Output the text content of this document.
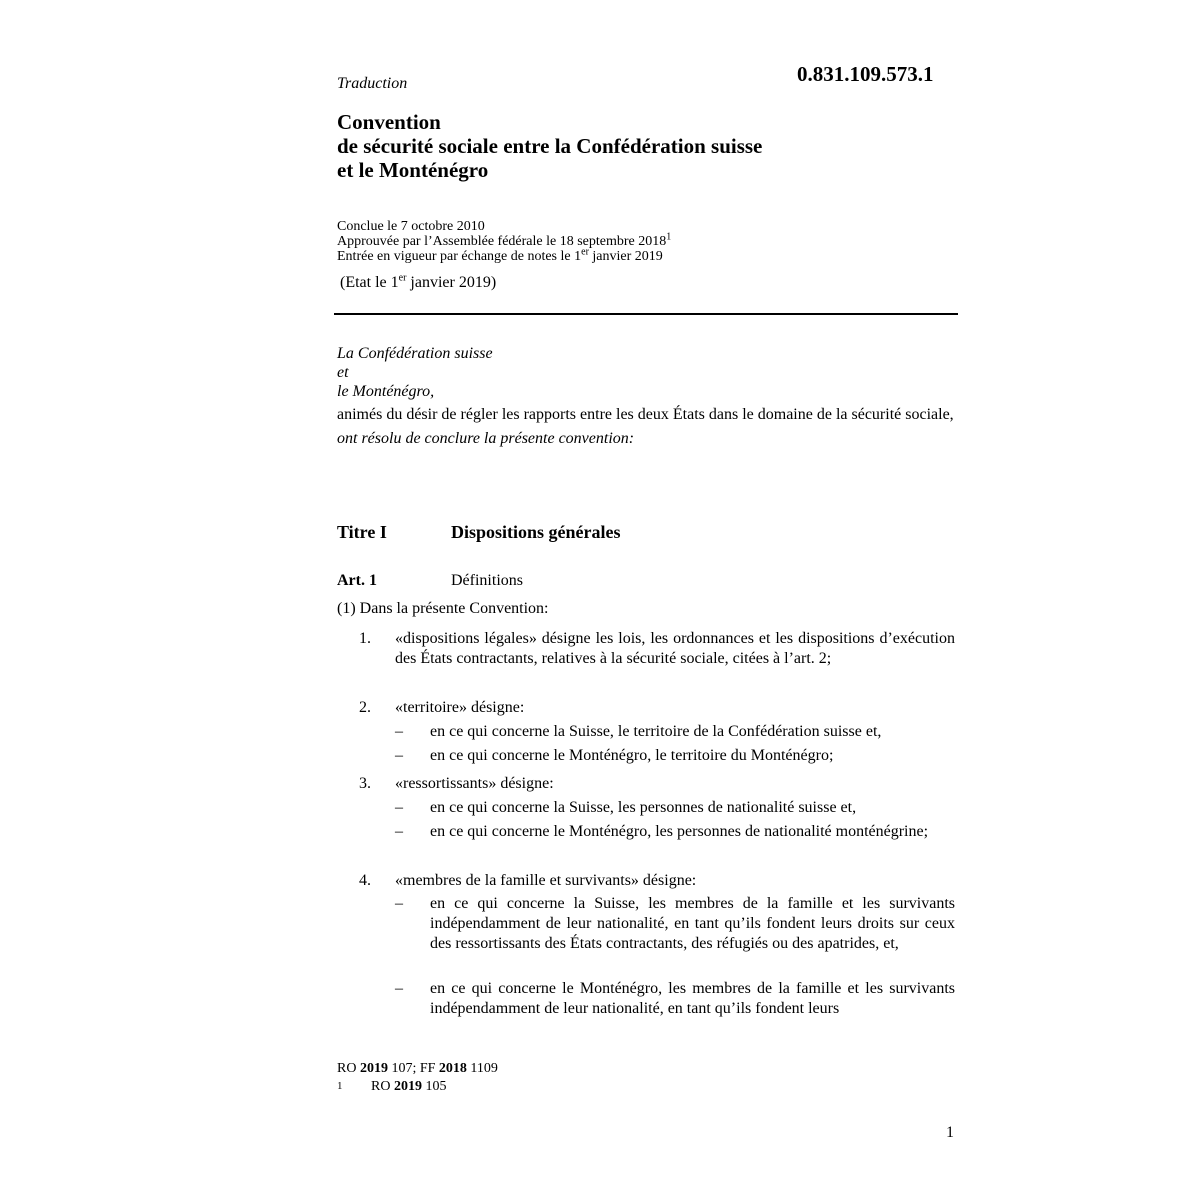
0.831.109.573.1
Traduction
Convention
de sécurité sociale entre la Confédération suisse
et le Monténégro
Conclue le 7 octobre 2010
Approuvée par l’Assemblée fédérale le 18 septembre 2018$^1$
Entrée en vigueur par échange de notes le 1er janvier 2019
(Etat le 1er janvier 2019)
La Confédération suisse
et
le Monténégro,
animés du désir de régler les rapports entre les deux États dans le domaine de la sécurité sociale,
ont résolu de conclure la présente convention:
Titre I	Dispositions générales
Art. 1	Définitions
(1) Dans la présente Convention:
1. «dispositions légales» désigne les lois, les ordonnances et les dispositions d’exécution des États contractants, relatives à la sécurité sociale, citées à l’art. 2;
2. «territoire» désigne:
– en ce qui concerne la Suisse, le territoire de la Confédération suisse et,
– en ce qui concerne le Monténégro, le territoire du Monténégro;
3. «ressortissants» désigne:
– en ce qui concerne la Suisse, les personnes de nationalité suisse et,
– en ce qui concerne le Monténégro, les personnes de nationalité monténégrine;
4. «membres de la famille et survivants» désigne:
– en ce qui concerne la Suisse, les membres de la famille et les survivants indépendamment de leur nationalité, en tant qu’ils fondent leurs droits sur ceux des ressortissants des États contractants, des réfugiés ou des apatrides, et,
– en ce qui concerne le Monténégro, les membres de la famille et les survivants indépendamment de leur nationalité, en tant qu’ils fondent leurs
RO 2019 107; FF 2018 1109
1 RO 2019 105
1
